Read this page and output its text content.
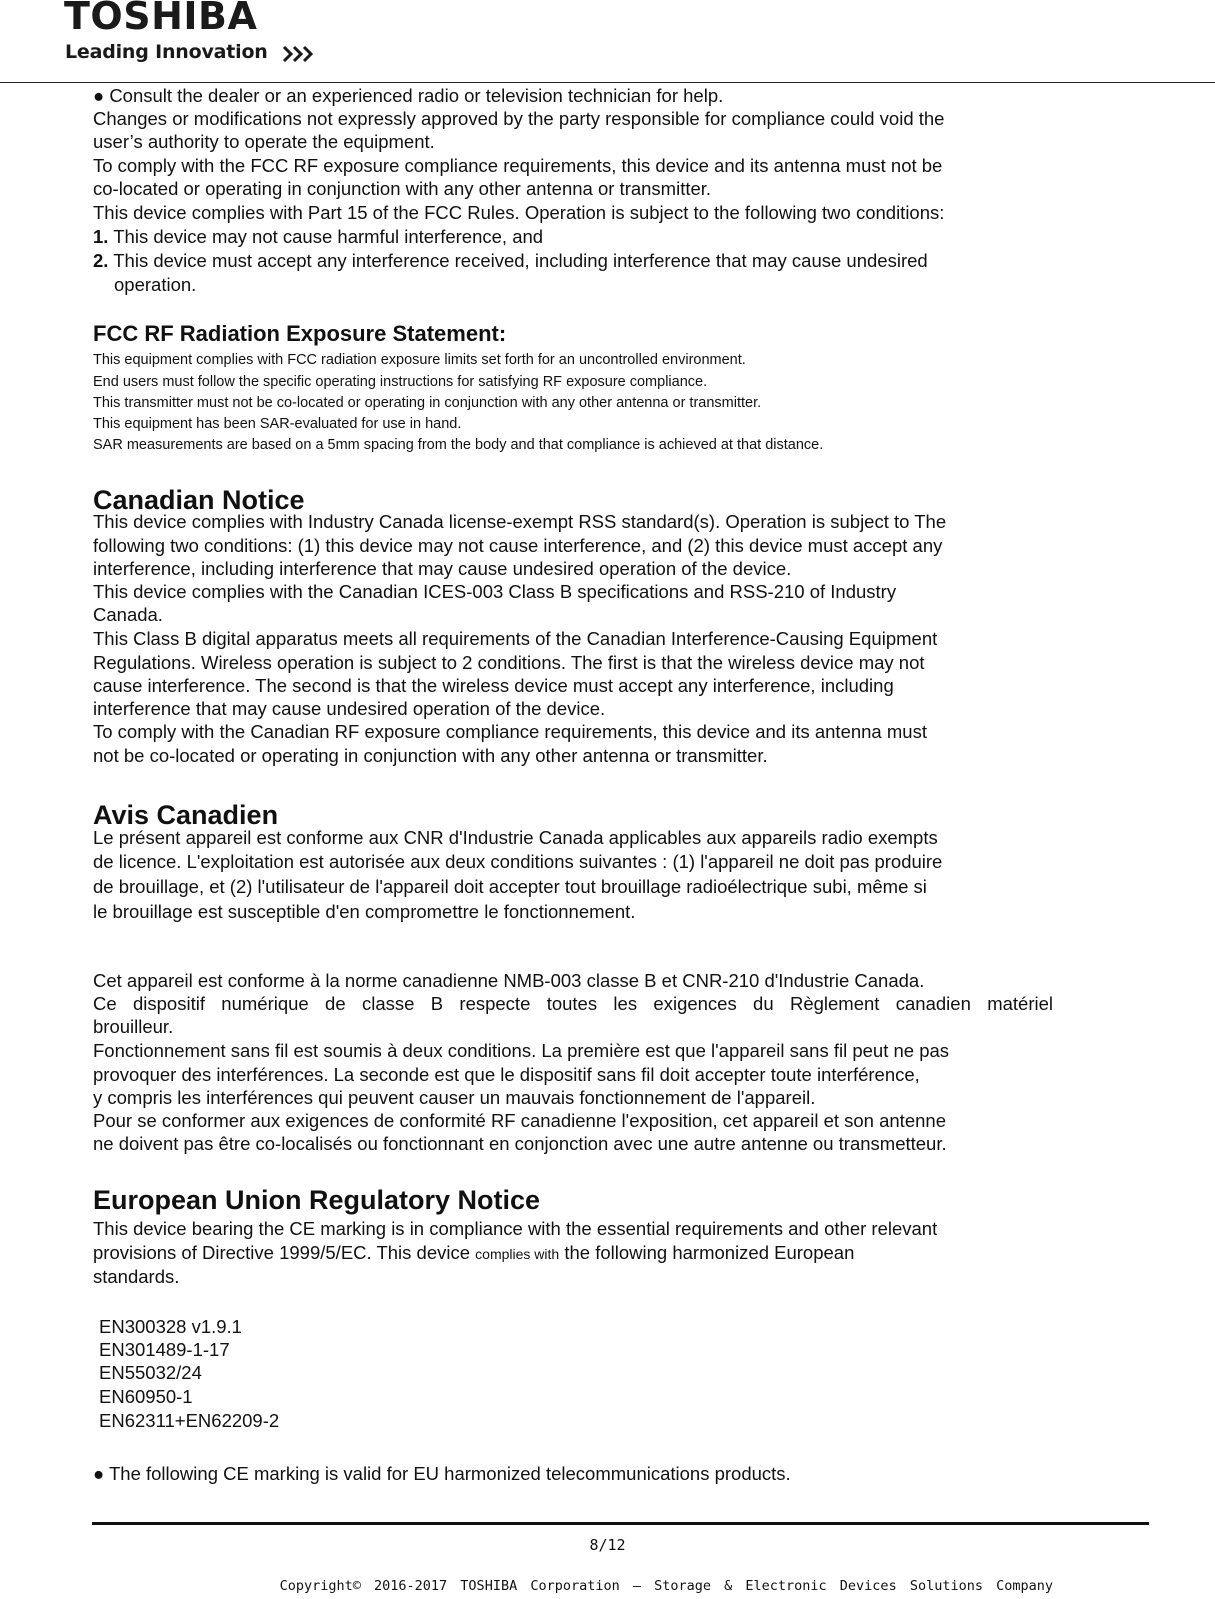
TOSHIBA
Leading Innovation
● Consult the dealer or an experienced radio or television technician for help.
Changes or modifications not expressly approved by the party responsible for compliance could void the
user’s authority to operate the equipment.
To comply with the FCC RF exposure compliance requirements, this device and its antenna must not be
co-located or operating in conjunction with any other antenna or transmitter.
This device complies with Part 15 of the FCC Rules. Operation is subject to the following two conditions:
1. This device may not cause harmful interference, and
2. This device must accept any interference received, including interference that may cause undesired
operation.
FCC RF Radiation Exposure Statement:
This equipment complies with FCC radiation exposure limits set forth for an uncontrolled environment.
End users must follow the specific operating instructions for satisfying RF exposure compliance.
This transmitter must not be co-located or operating in conjunction with any other antenna or transmitter.
This equipment has been SAR-evaluated for use in hand.
SAR measurements are based on a 5mm spacing from the body and that compliance is achieved at that distance.
Canadian Notice
This device complies with Industry Canada license-exempt RSS standard(s). Operation is subject to The
following two conditions: (1) this device may not cause interference, and (2) this device must accept any
interference, including interference that may cause undesired operation of the device.
This device complies with the Canadian ICES-003 Class B specifications and RSS-210 of Industry
Canada.
This Class B digital apparatus meets all requirements of the Canadian Interference-Causing Equipment
Regulations. Wireless operation is subject to 2 conditions. The first is that the wireless device may not
cause interference. The second is that the wireless device must accept any interference, including
interference that may cause undesired operation of the device.
To comply with the Canadian RF exposure compliance requirements, this device and its antenna must
not be co-located or operating in conjunction with any other antenna or transmitter.
Avis Canadien
Le présent appareil est conforme aux CNR d'Industrie Canada applicables aux appareils radio exempts
de licence. L'exploitation est autorisée aux deux conditions suivantes : (1) l'appareil ne doit pas produire
de brouillage, et (2) l'utilisateur de l'appareil doit accepter tout brouillage radioélectrique subi, même si
le brouillage est susceptible d'en compromettre le fonctionnement.
Cet appareil est conforme à la norme canadienne NMB-003 classe B et CNR-210 d'Industrie Canada.
Ce dispositif numérique de classe B respecte toutes les exigences du Règlement canadien matériel
brouilleur.
Fonctionnement sans fil est soumis à deux conditions. La première est que l'appareil sans fil peut ne pas
provoquer des interférences. La seconde est que le dispositif sans fil doit accepter toute interférence,
y compris les interférences qui peuvent causer un mauvais fonctionnement de l'appareil.
Pour se conformer aux exigences de conformité RF canadienne l'exposition, cet appareil et son antenne
ne doivent pas être co-localisés ou fonctionnant en conjonction avec une autre antenne ou transmetteur.
European Union Regulatory Notice
This device bearing the CE marking is in compliance with the essential requirements and other relevant
provisions of Directive 1999/5/EC. This device complies with the following harmonized European
standards.
EN300328 v1.9.1
EN301489-1-17
EN55032/24
EN60950-1
EN62311+EN62209-2
● The following CE marking is valid for EU harmonized telecommunications products.
8/12
Copyright© 2016-2017 TOSHIBA Corporation – Storage & Electronic Devices Solutions Company
